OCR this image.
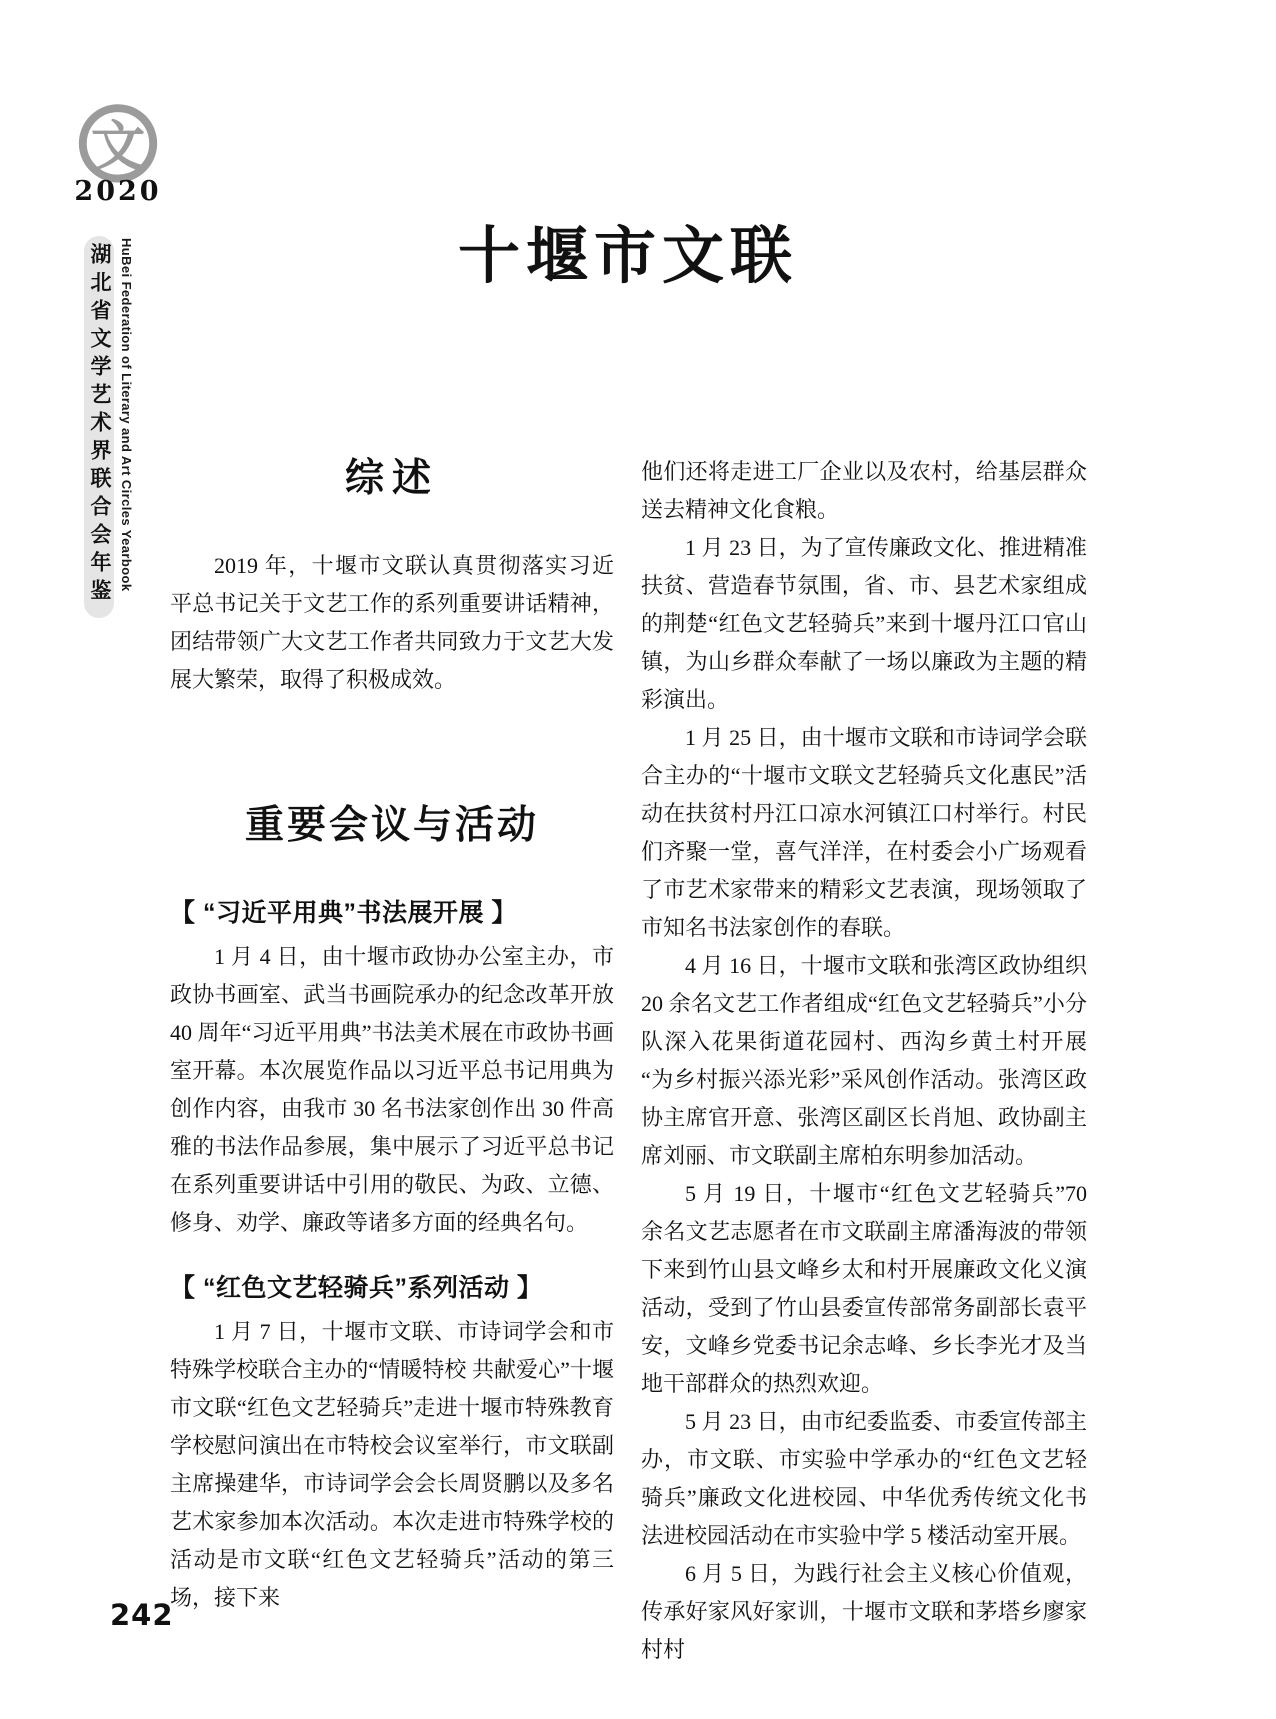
文
2020
湖北省文学艺术界联合会年鉴 HuBei Federation of Literary and Art Circles Yearbook	十堰市文联
综述

2019 年，十堰市文联认真贯彻落实习近平总书记关于文艺工作的系列重要讲话精神，团结带领广大文艺工作者共同致力于文艺大发展大繁荣，取得了积极成效。

重要会议与活动
【 “习近平用典”书法展开展 】

1 月 4 日，由十堰市政协办公室主办，市政协书画室、武当书画院承办的纪念改革开放 40 周年“习近平用典”书法美术展在市政协书画室开幕。本次展览作品以习近平总书记用典为创作内容，由我市 30 名书法家创作出 30 件高雅的书法作品参展，集中展示了习近平总书记在系列重要讲话中引用的敬民、为政、立德、修身、劝学、廉政等诸多方面的经典名句。

【 “红色文艺轻骑兵”系列活动 】

1 月 7 日，十堰市文联、市诗词学会和市特殊学校联合主办的“情暖特校 共献爱心”十堰市文联“红色文艺轻骑兵”走进十堰市特殊教育学校慰问演出在市特校会议室举行，市文联副主席操建华，市诗词学会会长周贤鹏以及多名艺术家参加本次活动。本次走进市特殊学校的活动是市文联“红色文艺轻骑兵”活动的第三场，接下来

他们还将走进工厂企业以及农村，给基层群众送去精神文化食粮。

1 月 23 日，为了宣传廉政文化、推进精准扶贫、营造春节氛围，省、市、县艺术家组成的荆楚“红色文艺轻骑兵”来到十堰丹江口官山镇，为山乡群众奉献了一场以廉政为主题的精彩演出。

1 月 25 日，由十堰市文联和市诗词学会联合主办的“十堰市文联文艺轻骑兵文化惠民”活动在扶贫村丹江口凉水河镇江口村举行。村民们齐聚一堂，喜气洋洋，在村委会小广场观看了市艺术家带来的精彩文艺表演，现场领取了市知名书法家创作的春联。

4 月 16 日，十堰市文联和张湾区政协组织 20 余名文艺工作者组成“红色文艺轻骑兵”小分队深入花果街道花园村、西沟乡黄土村开展“为乡村振兴添光彩”采风创作活动。张湾区政协主席官开意、张湾区副区长肖旭、政协副主席刘丽、市文联副主席柏东明参加活动。

5 月 19 日，十堰市“红色文艺轻骑兵”70 余名文艺志愿者在市文联副主席潘海波的带领下来到竹山县文峰乡太和村开展廉政文化义演活动，受到了竹山县委宣传部常务副部长袁平安，文峰乡党委书记余志峰、乡长李光才及当地干部群众的热烈欢迎。

5 月 23 日，由市纪委监委、市委宣传部主办，市文联、市实验中学承办的“红色文艺轻骑兵”廉政文化进校园、中华优秀传统文化书法进校园活动在市实验中学 5 楼活动室开展。

6 月 5 日，为践行社会主义核心价值观，传承好家风好家训，十堰市文联和茅塔乡廖家村村

242
